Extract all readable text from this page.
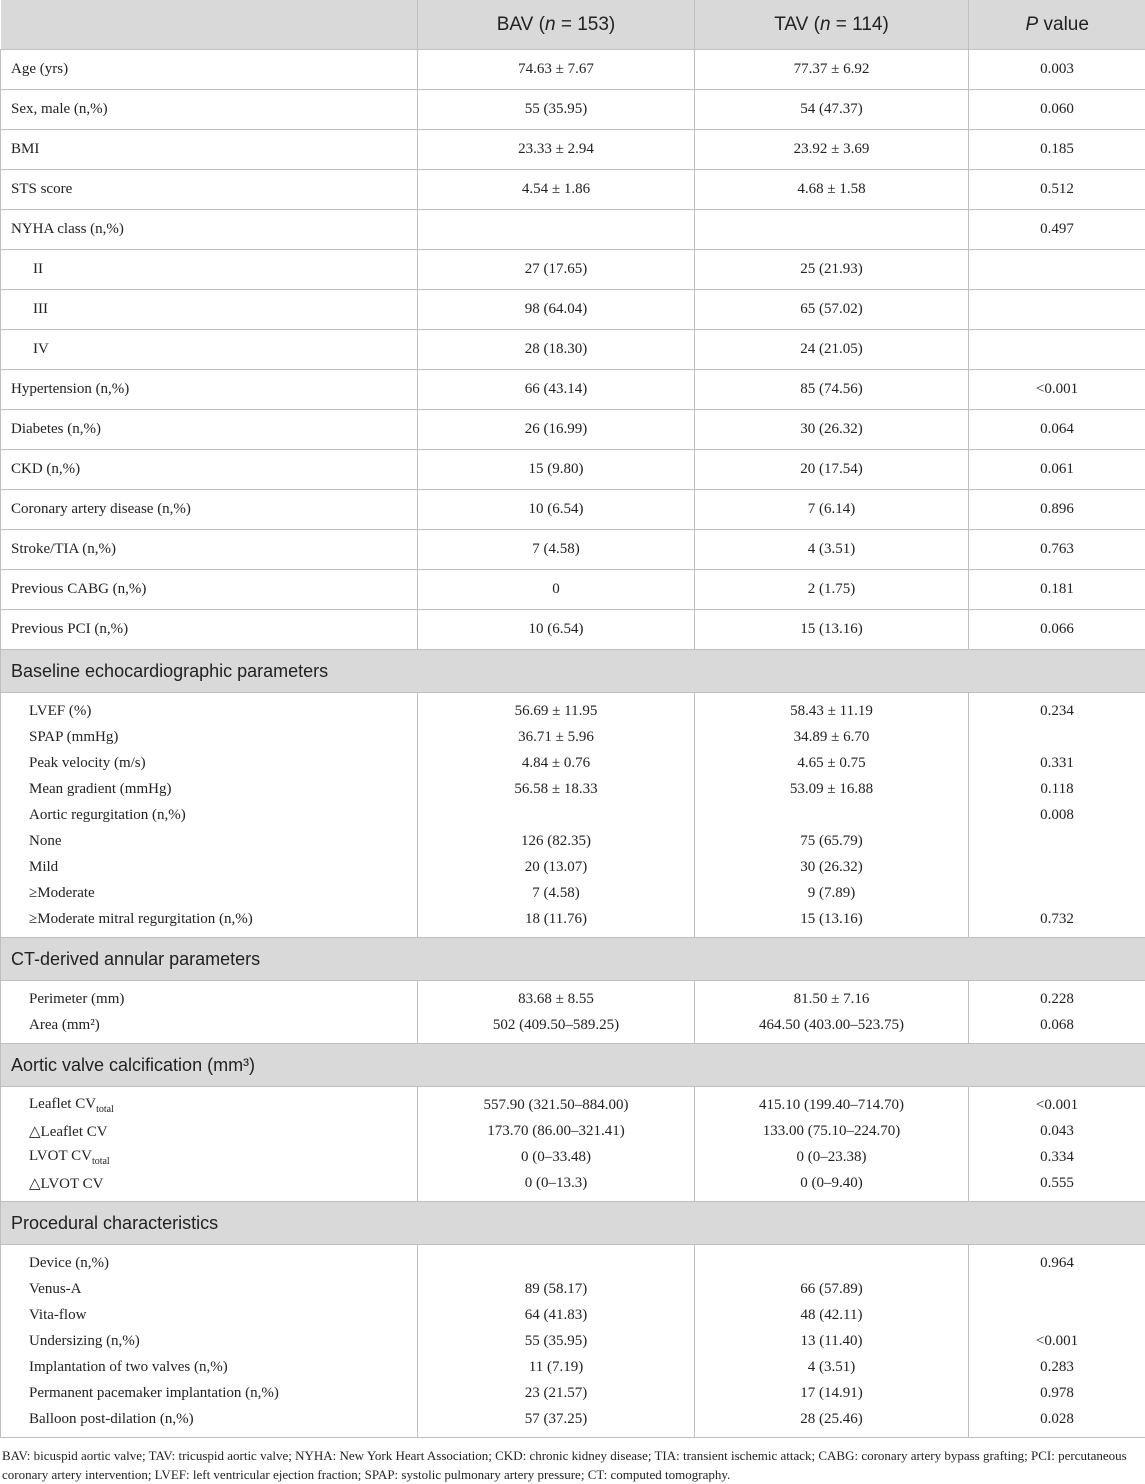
	BAV (n = 153)	TAV (n = 114)	P value
Age (yrs)	74.63 ± 7.67	77.37 ± 6.92	0.003
Sex, male (n,%)	55 (35.95)	54 (47.37)	0.060
BMI	23.33 ± 2.94	23.92 ± 3.69	0.185
STS score	4.54 ± 1.86	4.68 ± 1.58	0.512
NYHA class (n,%)			0.497
II	27 (17.65)	25 (21.93)	
III	98 (64.04)	65 (57.02)	
IV	28 (18.30)	24 (21.05)	
Hypertension (n,%)	66 (43.14)	85 (74.56)	<0.001
Diabetes (n,%)	26 (16.99)	30 (26.32)	0.064
CKD (n,%)	15 (9.80)	20 (17.54)	0.061
Coronary artery disease (n,%)	10 (6.54)	7 (6.14)	0.896
Stroke/TIA (n,%)	7 (4.58)	4 (3.51)	0.763
Previous CABG (n,%)	0	2 (1.75)	0.181
Previous PCI (n,%)	10 (6.54)	15 (13.16)	0.066
Baseline echocardiographic parameters			

LVEF (%)	56.69 ± 11.95	58.43 ± 11.19	0.234
SPAP (mmHg)	36.71 ± 5.96	34.89 ± 6.70	
Peak velocity (m/s)	4.84 ± 0.76	4.65 ± 0.75	0.331
Mean gradient (mmHg)	56.58 ± 18.33	53.09 ± 16.88	0.118
Aortic regurgitation (n,%)			0.008
None	126 (82.35)	75 (65.79)	
Mild	20 (13.07)	30 (26.32)	
≥Moderate	7 (4.58)	9 (7.89)	
≥Moderate mitral regurgitation (n,%)	18 (11.76)	15 (13.16)	0.732

CT-derived annular parameters			

Perimeter (mm)	83.68 ± 8.55	81.50 ± 7.16	0.228
Area (mm²)	502 (409.50–589.25)	464.50 (403.00–523.75)	0.068

Aortic valve calcification (mm³)			

Leaflet $CV_{total}$	557.90 (321.50–884.00)	415.10 (199.40–714.70)	<0.001
△Leaflet CV	173.70 (86.00–321.41)	133.00 (75.10–224.70)	0.043
LVOT $CV_{total}$	0 (0–33.48)	0 (0–23.38)	0.334
△LVOT CV	0 (0–13.3)	0 (0–9.40)	0.555

Procedural characteristics			

Device (n,%)			0.964
Venus-A	89 (58.17)	66 (57.89)	
Vita-flow	64 (41.83)	48 (42.11)	
Undersizing (n,%)	55 (35.95)	13 (11.40)	<0.001
Implantation of two valves (n,%)	11 (7.19)	4 (3.51)	0.283
Permanent pacemaker implantation (n,%)	23 (21.57)	17 (14.91)	0.978
Balloon post-dilation (n,%)	57 (37.25)	28 (25.46)	0.028

BAV: bicuspid aortic valve; TAV: tricuspid aortic valve; NYHA: New York Heart Association; CKD: chronic kidney disease; TIA: transient ischemic attack; CABG: coronary artery bypass grafting; PCI: percutaneous coronary artery intervention; LVEF: left ventricular ejection fraction; SPAP: systolic pulmonary artery pressure; CT: computed tomography.
